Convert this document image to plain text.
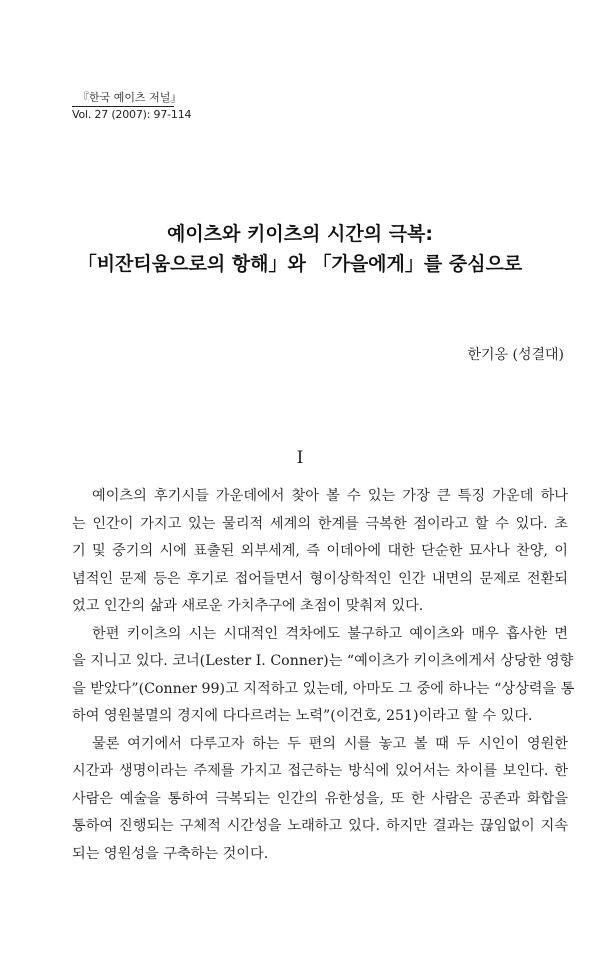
『한국 예이츠 저널』
Vol. 27 (2007): 97-114
예이츠와 키이츠의 시간의 극복:
「비잔티움으로의 항해」와 「가을에게」를 중심으로
한기옹 (성결대)
I

예이츠의 후기시들 가운데에서 찾아 볼 수 있는 가장 큰 특징 가운데 하나

는 인간이 가지고 있는 물리적 세계의 한계를 극복한 점이라고 할 수 있다. 초

기 및 중기의 시에 표출된 외부세계, 즉 이데아에 대한 단순한 묘사나 찬양, 이

념적인 문제 등은 후기로 접어들면서 형이상학적인 인간 내면의 문제로 전환되

었고 인간의 삶과 새로운 가치추구에 초점이 맞춰져 있다.

한편 키이츠의 시는 시대적인 격차에도 불구하고 예이츠와 매우 흡사한 면

을 지니고 있다. 코너(Lester I. Conner)는 “예이츠가 키이츠에게서 상당한 영향

을 받았다”(Conner 99)고 지적하고 있는데, 아마도 그 중에 하나는 “상상력을 통

하여 영원불멸의 경지에 다다르려는 노력”(이건호, 251)이라고 할 수 있다.

물론 여기에서 다루고자 하는 두 편의 시를 놓고 볼 때 두 시인이 영원한

시간과 생명이라는 주제를 가지고 접근하는 방식에 있어서는 차이를 보인다. 한

사람은 예술을 통하여 극복되는 인간의 유한성을, 또 한 사람은 공존과 화합을

통하여 진행되는 구체적 시간성을 노래하고 있다. 하지만 결과는 끊임없이 지속

되는 영원성을 구축하는 것이다.
